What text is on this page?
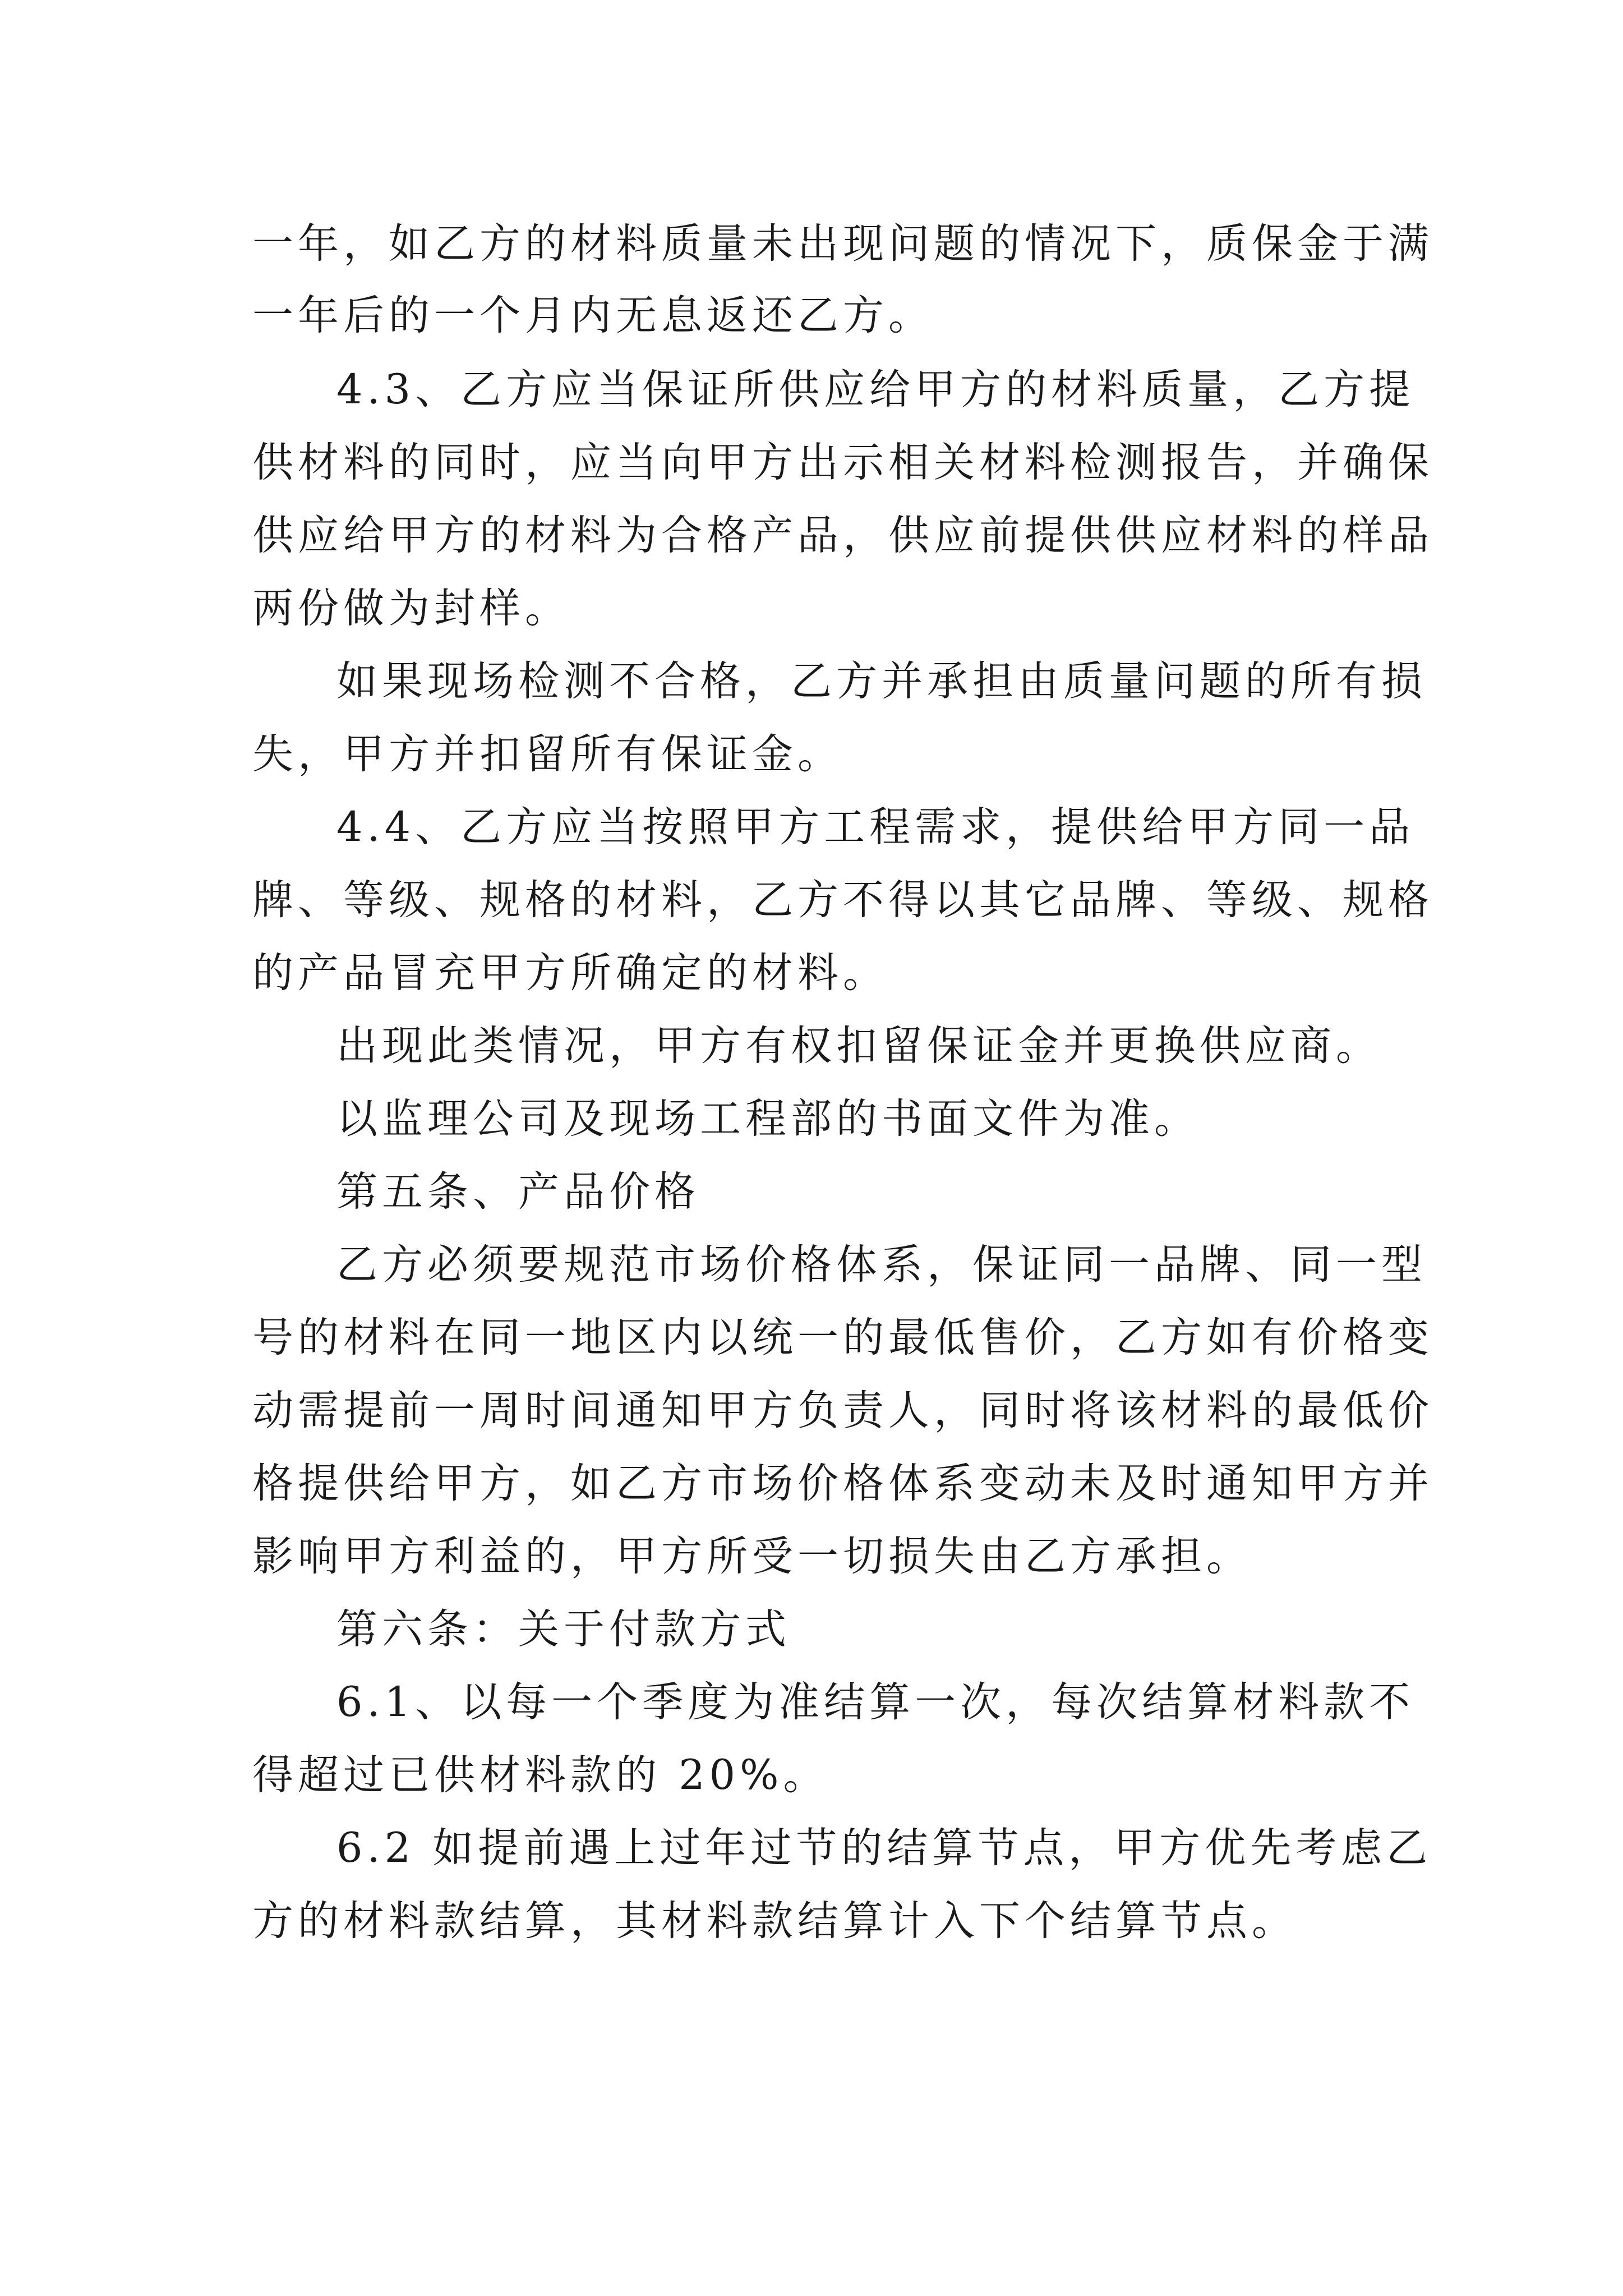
一年，如乙方的材料质量未出现问题的情况下，质保金于满
一年后的一个月内无息返还乙方。
4.3、乙方应当保证所供应给甲方的材料质量，乙方提
供材料的同时，应当向甲方出示相关材料检测报告，并确保
供应给甲方的材料为合格产品，供应前提供供应材料的样品
两份做为封样。
如果现场检测不合格，乙方并承担由质量问题的所有损
失，甲方并扣留所有保证金。
4.4、乙方应当按照甲方工程需求，提供给甲方同一品
牌、等级、规格的材料，乙方不得以其它品牌、等级、规格
的产品冒充甲方所确定的材料。
出现此类情况，甲方有权扣留保证金并更换供应商。
以监理公司及现场工程部的书面文件为准。
第五条、产品价格
乙方必须要规范市场价格体系，保证同一品牌、同一型
号的材料在同一地区内以统一的最低售价，乙方如有价格变
动需提前一周时间通知甲方负责人，同时将该材料的最低价
格提供给甲方，如乙方市场价格体系变动未及时通知甲方并
影响甲方利益的，甲方所受一切损失由乙方承担。
第六条：关于付款方式
6.1、以每一个季度为准结算一次，每次结算材料款不
得超过已供材料款的 20%。
6.2 如提前遇上过年过节的结算节点，甲方优先考虑乙
方的材料款结算，其材料款结算计入下个结算节点。
